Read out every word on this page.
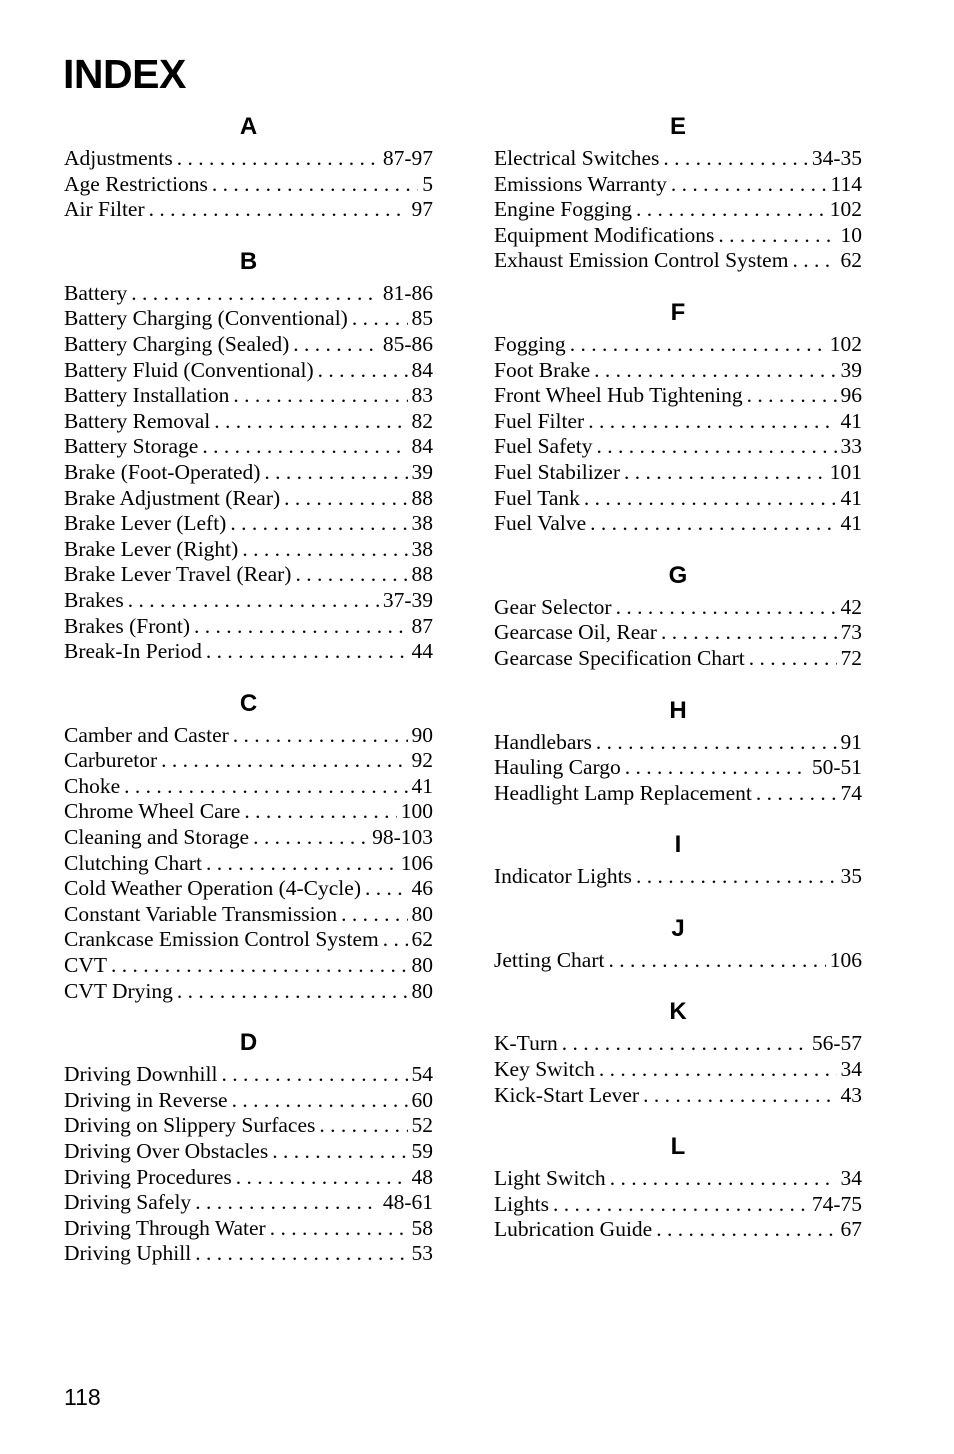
INDEX
A
Adjustments . . .	87-97
Age Restrictions . . .	5
Air Filter . . .	97
B
Battery . . .	81-86
Battery Charging (Conventional) . . .	85
Battery Charging (Sealed) . . .	85-86
Battery Fluid (Conventional) . . .	84
Battery Installation . . .	83
Battery Removal . . .	82
Battery Storage . . .	84
Brake (Foot-Operated) . . .	39
Brake Adjustment (Rear) . . .	88
Brake Lever (Left) . . .	38
Brake Lever (Right) . . .	38
Brake Lever Travel (Rear) . . .	88
Brakes . . .	37-39
Brakes (Front) . . .	87
Break-In Period . . .	44
C
Camber and Caster . . .	90
Carburetor . . .	92
Choke . . .	41
Chrome Wheel Care . . .	100
Cleaning and Storage . . .	98-103
Clutching Chart . . .	106
Cold Weather Operation (4-Cycle) . . . 46
Constant Variable Transmission . . .	80
Crankcase Emission Control System . . . 62
CVT . . .	80
CVT Drying . . .	80
D
Driving Downhill . . .	54
Driving in Reverse . . .	60
Driving on Slippery Surfaces . . .	52
Driving Over Obstacles . . .	59
Driving Procedures . . .	48
Driving Safely . . .	48-61
Driving Through Water . . .	58
Driving Uphill . . .	53
E
Electrical Switches . . .	34-35
Emissions Warranty . . .	114
Engine Fogging . . .	102
Equipment Modifications . . .	10
Exhaust Emission Control System . . . 62
F
Fogging . . .	102
Foot Brake . . .	39
Front Wheel Hub Tightening . . .	96
Fuel Filter . . .	41
Fuel Safety . . .	33
Fuel Stabilizer . . .	101
Fuel Tank . . .	41
Fuel Valve . . .	41
G
Gear Selector . . .	42
Gearcase Oil, Rear . . .	73
Gearcase Specification Chart . . .	72
H
Handlebars . . .	91
Hauling Cargo . . .	50-51
Headlight Lamp Replacement . . .	74
I
Indicator Lights . . .	35
J
Jetting Chart . . .	106
K
K-Turn . . .	56-57
Key Switch . . .	34
Kick-Start Lever . . .	43
L
Light Switch . . .	34
Lights . . .	74-75
Lubrication Guide . . .	67
118
